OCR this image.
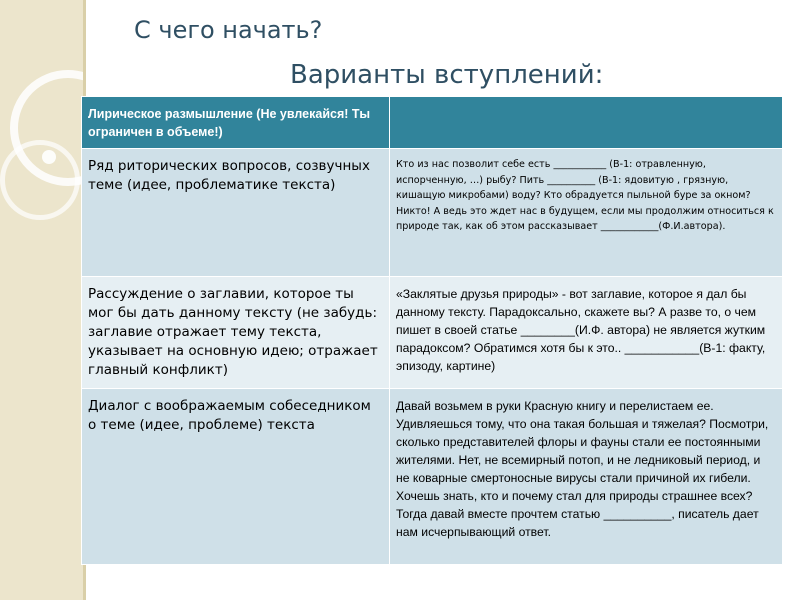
С чего начать?
Варианты вступлений:
Лирическое размышление (Не увлекайся! Ты ограничен в объеме!)	
Ряд риторических вопросов, созвучных теме (идее, проблематике текста)	Кто из нас позволит себе есть ___________ (В-1: отравленную, испорченную, …) рыбу? Пить __________ (В-1: ядовитую , грязную, кишащую микробами) воду? Кто обрадуется пыльной буре за окном? Никто! А ведь это ждет нас в будущем, если мы продолжим относиться к природе так, как об этом рассказывает ____________(Ф.И.автора).
Рассуждение о заглавии, которое ты мог бы дать данному тексту (не забудь: заглавие отражает тему текста, указывает на основную идею; отражает главный конфликт)	«Заклятые друзья природы» - вот заглавие, которое я дал бы данному тексту. Парадоксально, скажете вы? А разве то, о чем пишет в своей статье ________(И.Ф. автора) не является жутким парадоксом? Обратимся хотя бы к это.. ___________(В-1: факту, эпизоду, картине)
Диалог с воображаемым собеседником о теме (идее, проблеме) текста	Давай возьмем в руки Красную книгу и перелистаем ее. Удивляешься тому, что она такая большая и тяжелая? Посмотри, сколько представителей флоры и фауны стали ее постоянными жителями. Нет, не всемирный потоп, и не ледниковый период, и не коварные смертоносные вирусы стали причиной их гибели. Хочешь знать, кто и почему стал для природы страшнее всех? Тогда давай вместе прочтем статью __________, писатель дает нам исчерпывающий ответ.
